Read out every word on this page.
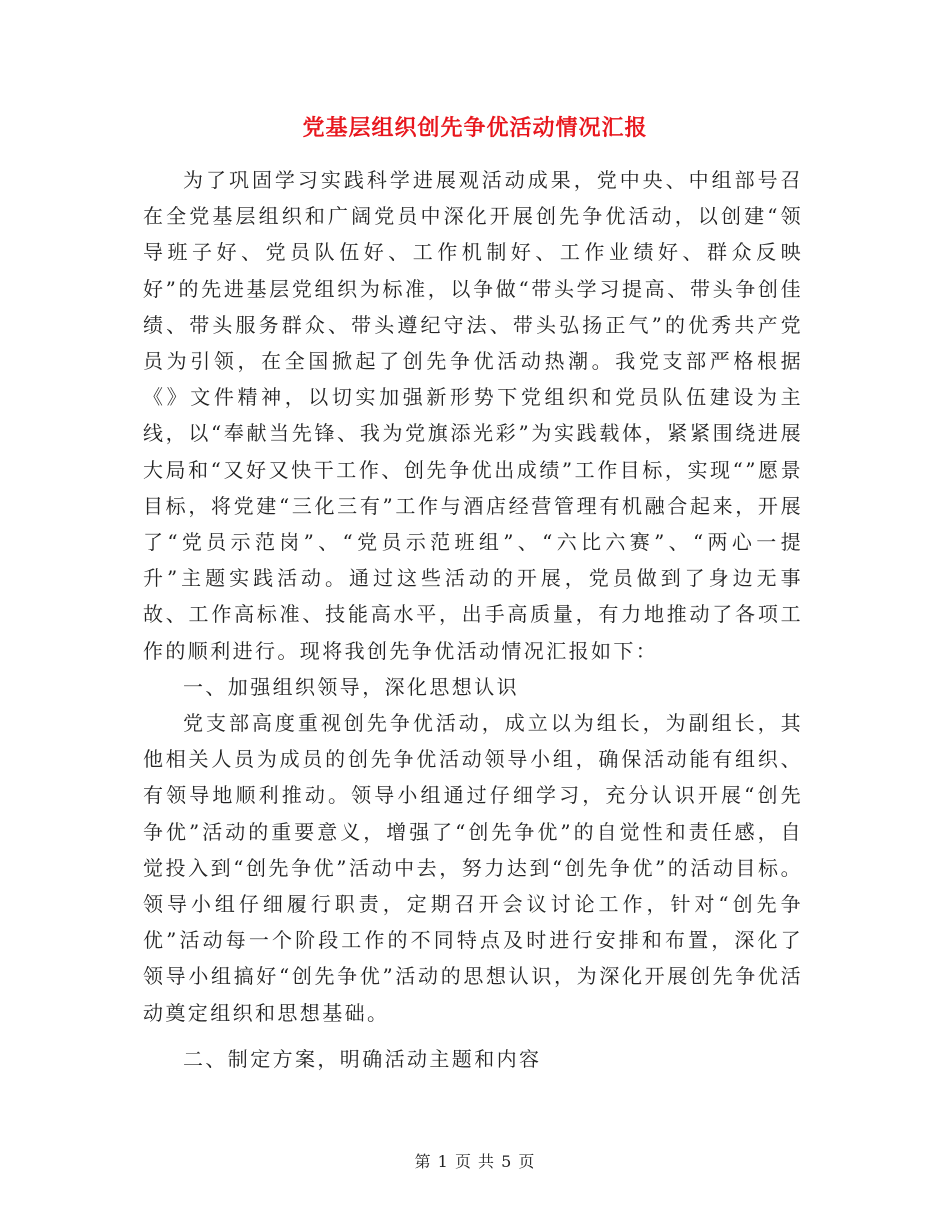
党基层组织创先争优活动情况汇报

为了巩固学习实践科学进展观活动成果，党中央、中组部号召在全党基层组织和广阔党员中深化开展创先争优活动，以创建“领导班子好、党员队伍好、工作机制好、工作业绩好、群众反映好”的先进基层党组织为标准，以争做“带头学习提高、带头争创佳绩、带头服务群众、带头遵纪守法、带头弘扬正气”的优秀共产党员为引领，在全国掀起了创先争优活动热潮。我党支部严格根据《》文件精神，以切实加强新形势下党组织和党员队伍建设为主线，以“奉献当先锋、我为党旗添光彩”为实践载体，紧紧围绕进展大局和“又好又快干工作、创先争优出成绩”工作目标，实现“”愿景目标，将党建“三化三有”工作与酒店经营管理有机融合起来，开展了“党员示范岗”、“党员示范班组”、“六比六赛”、“两心一提升”主题实践活动。通过这些活动的开展，党员做到了身边无事故、工作高标准、技能高水平，出手高质量，有力地推动了各项工作的顺利进行。现将我创先争优活动情况汇报如下：

一、加强组织领导，深化思想认识

党支部高度重视创先争优活动，成立以为组长，为副组长，其他相关人员为成员的创先争优活动领导小组，确保活动能有组织、有领导地顺利推动。领导小组通过仔细学习，充分认识开展“创先争优”活动的重要意义，增强了“创先争优”的自觉性和责任感，自觉投入到“创先争优”活动中去，努力达到“创先争优”的活动目标。领导小组仔细履行职责，定期召开会议讨论工作，针对“创先争优”活动每一个阶段工作的不同特点及时进行安排和布置，深化了领导小组搞好“创先争优”活动的思想认识，为深化开展创先争优活动奠定组织和思想基础。

二、制定方案，明确活动主题和内容

第 1 页 共 5 页
